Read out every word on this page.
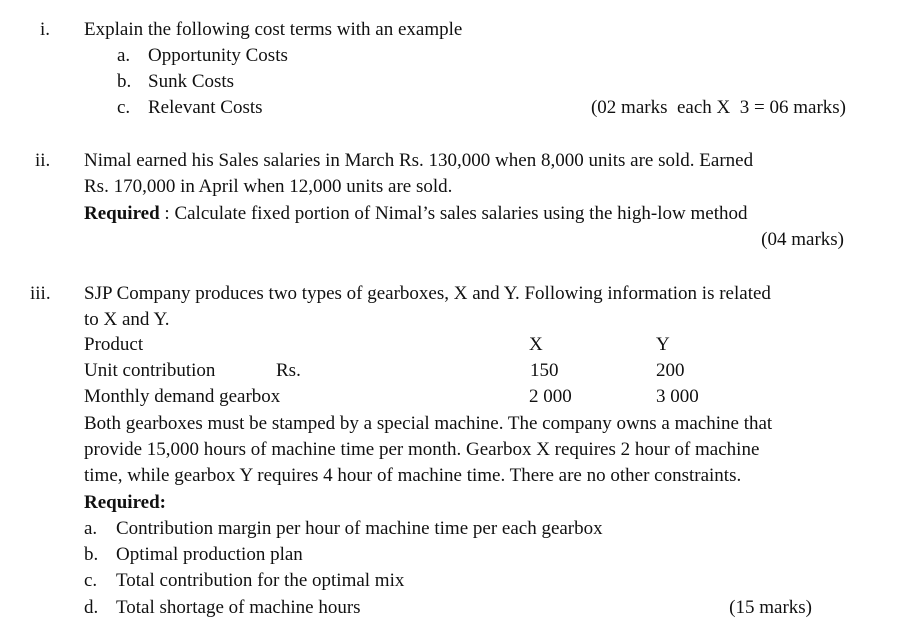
i. Explain the following cost terms with an example
a. Opportunity Costs
b. Sunk Costs
c. Relevant Costs	(02 marks  each X  3 = 06 marks)
ii. Nimal earned his Sales salaries in March Rs. 130,000 when 8,000 units are sold. Earned
Rs. 170,000 in April when 12,000 units are sold.
Required : Calculate fixed portion of Nimal’s sales salaries using the high-low method
(04 marks)
iii. SJP Company produces two types of gearboxes, X and Y. Following information is related
to X and Y.
Product	X	Y
Unit contribution	Rs.	150	200
Monthly demand gearbox	2 000	3 000
Both gearboxes must be stamped by a special machine. The company owns a machine that
provide 15,000 hours of machine time per month. Gearbox X requires 2 hour of machine
time, while gearbox Y requires 4 hour of machine time. There are no other constraints.
Required:
a. Contribution margin per hour of machine time per each gearbox
b. Optimal production plan
c. Total contribution for the optimal mix
d. Total shortage of machine hours	(15 marks)
